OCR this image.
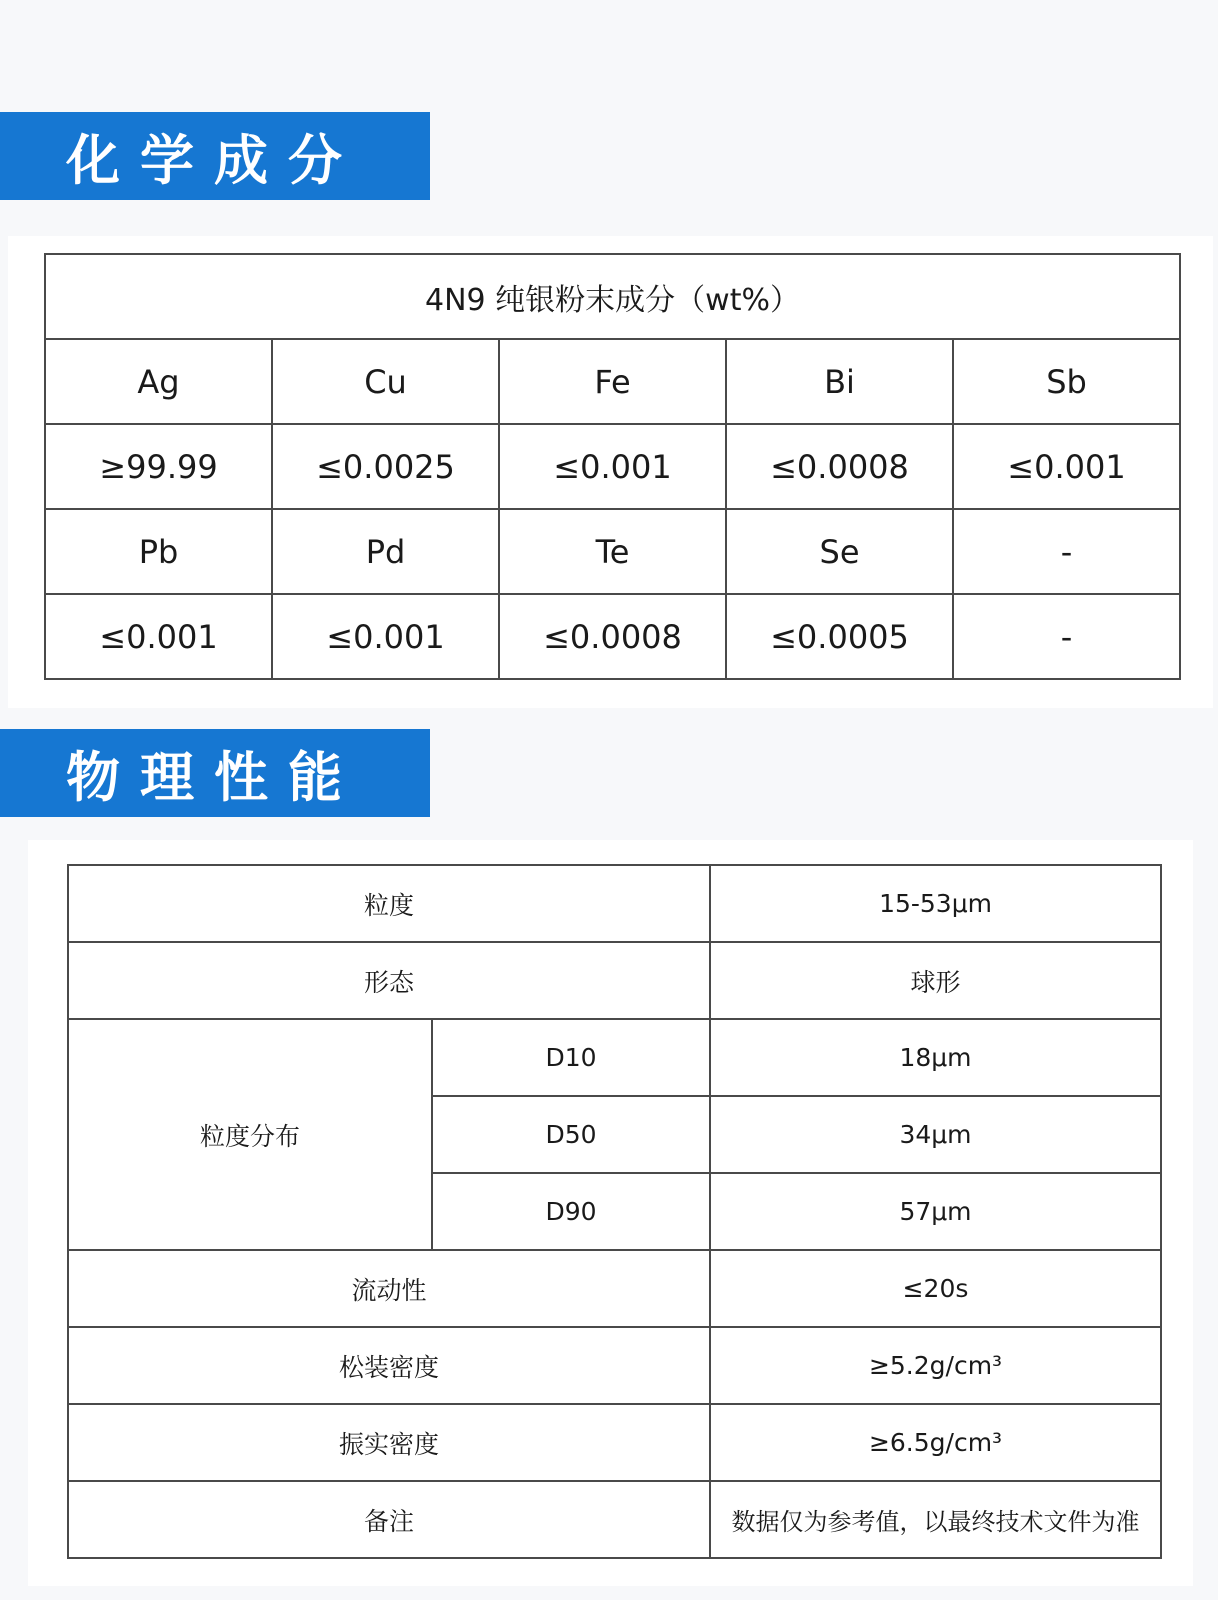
化学成分
4N9 纯银粉末成分（wt%）				
Ag	Cu	Fe	Bi	Sb
≥99.99	≤0.0025	≤0.001	≤0.0008	≤0.001
Pb	Pd	Te	Se	-
≤0.001	≤0.001	≤0.0008	≤0.0005	-
物理性能
粒度		15-53μm
形态		球形
粒度分布	D10	18μm
	D50	34μm
	D90	57μm
流动性		≤20s
松装密度		≥5.2g/cm³
振实密度		≥6.5g/cm³
备注		数据仅为参考值，以最终技术文件为准
